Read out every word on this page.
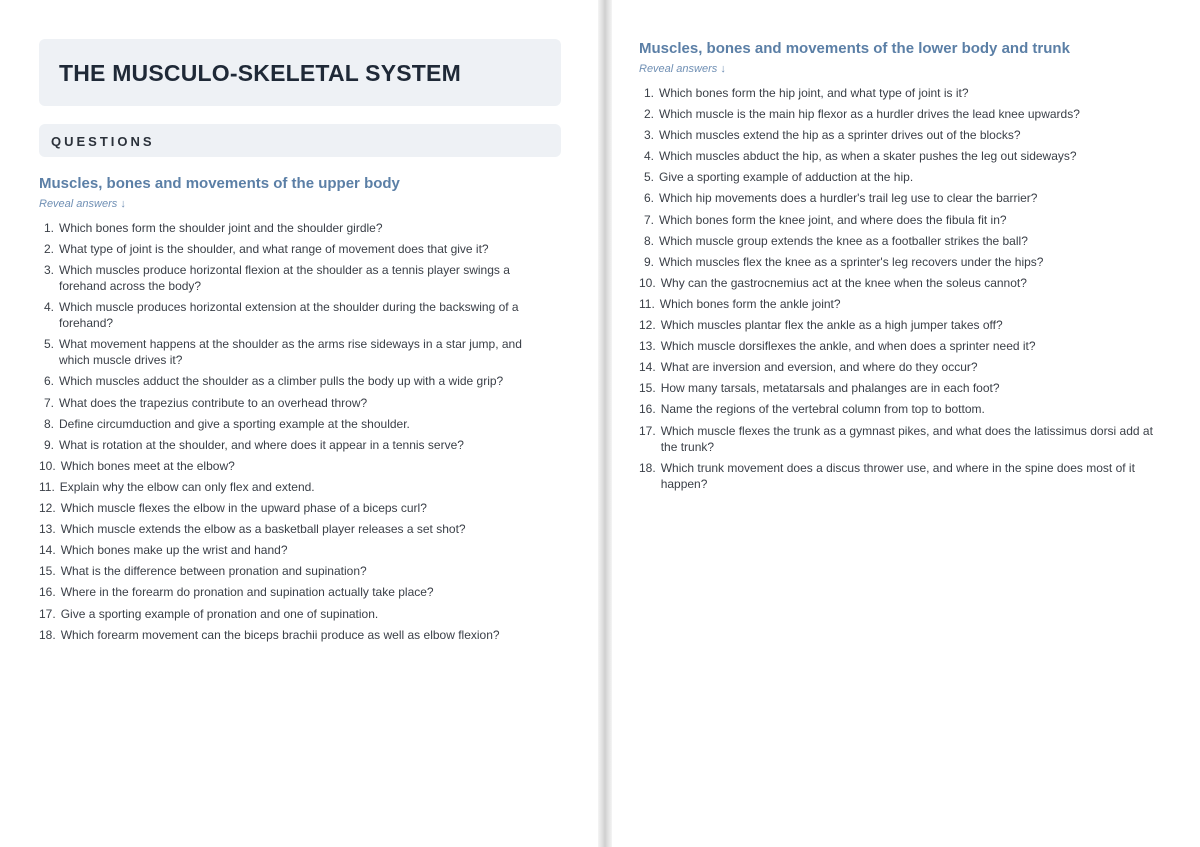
THE MUSCULO-SKELETAL SYSTEM
QUESTIONS
Muscles, bones and movements of the upper body
Reveal answers ↓
1. Which bones form the shoulder joint and the shoulder girdle?
2. What type of joint is the shoulder, and what range of movement does that give it?
3. Which muscles produce horizontal flexion at the shoulder as a tennis player swings a forehand across the body?
4. Which muscle produces horizontal extension at the shoulder during the backswing of a forehand?
5. What movement happens at the shoulder as the arms rise sideways in a star jump, and which muscle drives it?
6. Which muscles adduct the shoulder as a climber pulls the body up with a wide grip?
7. What does the trapezius contribute to an overhead throw?
8. Define circumduction and give a sporting example at the shoulder.
9. What is rotation at the shoulder, and where does it appear in a tennis serve?
10. Which bones meet at the elbow?
11. Explain why the elbow can only flex and extend.
12. Which muscle flexes the elbow in the upward phase of a biceps curl?
13. Which muscle extends the elbow as a basketball player releases a set shot?
14. Which bones make up the wrist and hand?
15. What is the difference between pronation and supination?
16. Where in the forearm do pronation and supination actually take place?
17. Give a sporting example of pronation and one of supination.
18. Which forearm movement can the biceps brachii produce as well as elbow flexion?
Muscles, bones and movements of the lower body and trunk
Reveal answers ↓
1. Which bones form the hip joint, and what type of joint is it?
2. Which muscle is the main hip flexor as a hurdler drives the lead knee upwards?
3. Which muscles extend the hip as a sprinter drives out of the blocks?
4. Which muscles abduct the hip, as when a skater pushes the leg out sideways?
5. Give a sporting example of adduction at the hip.
6. Which hip movements does a hurdler's trail leg use to clear the barrier?
7. Which bones form the knee joint, and where does the fibula fit in?
8. Which muscle group extends the knee as a footballer strikes the ball?
9. Which muscles flex the knee as a sprinter's leg recovers under the hips?
10. Why can the gastrocnemius act at the knee when the soleus cannot?
11. Which bones form the ankle joint?
12. Which muscles plantar flex the ankle as a high jumper takes off?
13. Which muscle dorsiflexes the ankle, and when does a sprinter need it?
14. What are inversion and eversion, and where do they occur?
15. How many tarsals, metatarsals and phalanges are in each foot?
16. Name the regions of the vertebral column from top to bottom.
17. Which muscle flexes the trunk as a gymnast pikes, and what does the latissimus dorsi add at the trunk?
18. Which trunk movement does a discus thrower use, and where in the spine does most of it happen?
